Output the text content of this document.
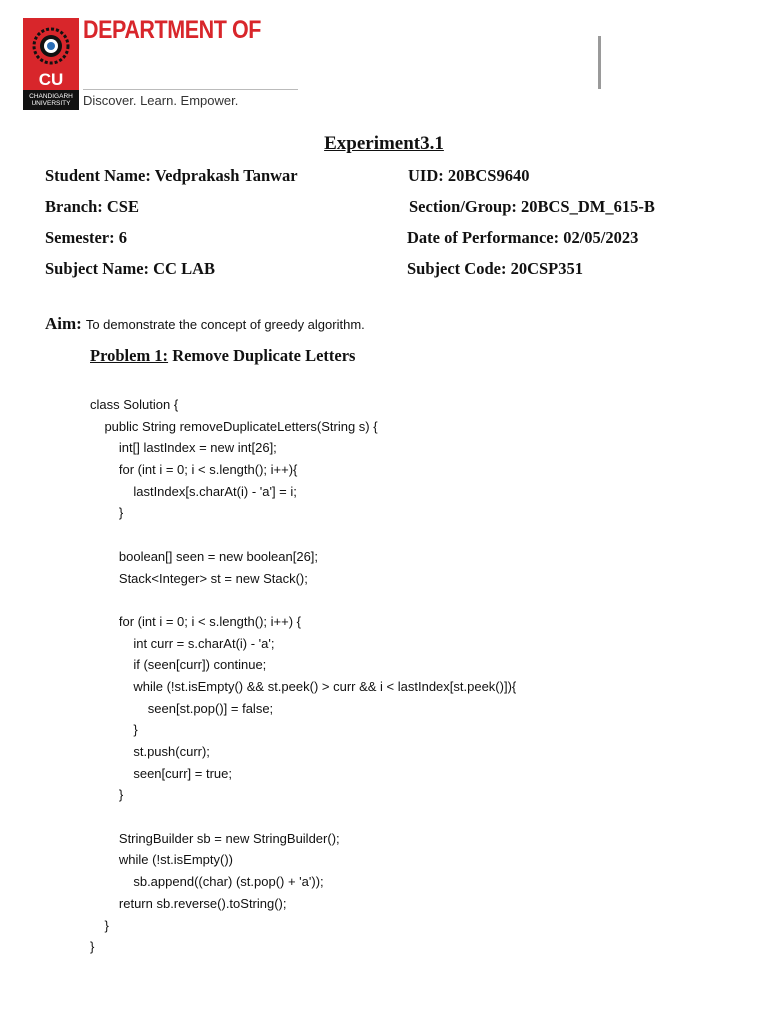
CU
CHANDIGARH UNIVERSITY
DEPARTMENT OF
Discover. Learn. Empower.
Experiment3.1
Student Name: Vedprakash Tanwar	UID: 20BCS9640
Branch: CSE	Section/Group: 20BCS_DM_615-B
Semester: 6	Date of Performance: 02/05/2023
Subject Name: CC LAB	Subject Code: 20CSP351
Aim: To demonstrate the concept of greedy algorithm.
Problem 1: Remove Duplicate Letters
class Solution {
public String removeDuplicateLetters(String s) {
int[] lastIndex = new int[26];
for (int i = 0; i < s.length(); i++){
lastIndex[s.charAt(i) - 'a'] = i;
}
boolean[] seen = new boolean[26];
Stack<Integer> st = new Stack();
for (int i = 0; i < s.length(); i++) {
int curr = s.charAt(i) - 'a';
if (seen[curr]) continue;
while (!st.isEmpty() && st.peek() > curr && i < lastIndex[st.peek()]){
seen[st.pop()] = false;
}
st.push(curr);
seen[curr] = true;
}
StringBuilder sb = new StringBuilder();
while (!st.isEmpty())
sb.append((char) (st.pop() + 'a'));
return sb.reverse().toString();
}
}
